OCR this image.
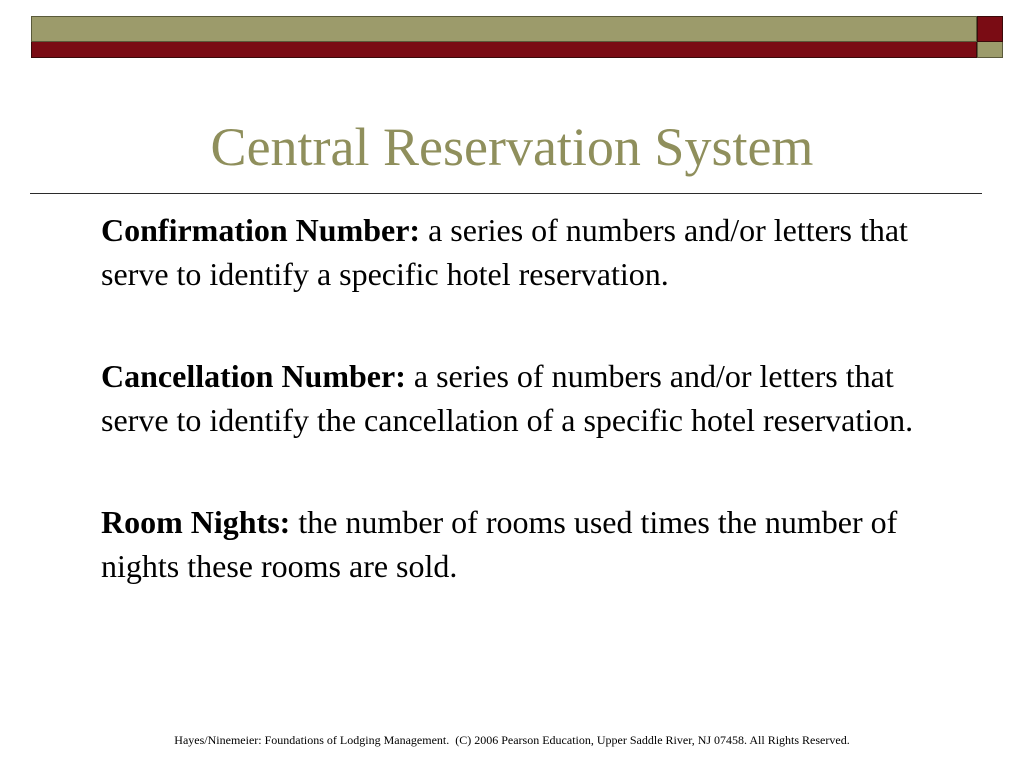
Central Reservation System

Confirmation Number: a series of numbers and/or letters that serve to identify a specific hotel reservation.

Cancellation Number: a series of numbers and/or letters that serve to identify the cancellation of a specific hotel reservation.

Room Nights: the number of rooms used times the number of nights these rooms are sold.

Hayes/Ninemeier: Foundations of Lodging Management.  (C) 2006 Pearson Education, Upper Saddle River, NJ 07458. All Rights Reserved.
